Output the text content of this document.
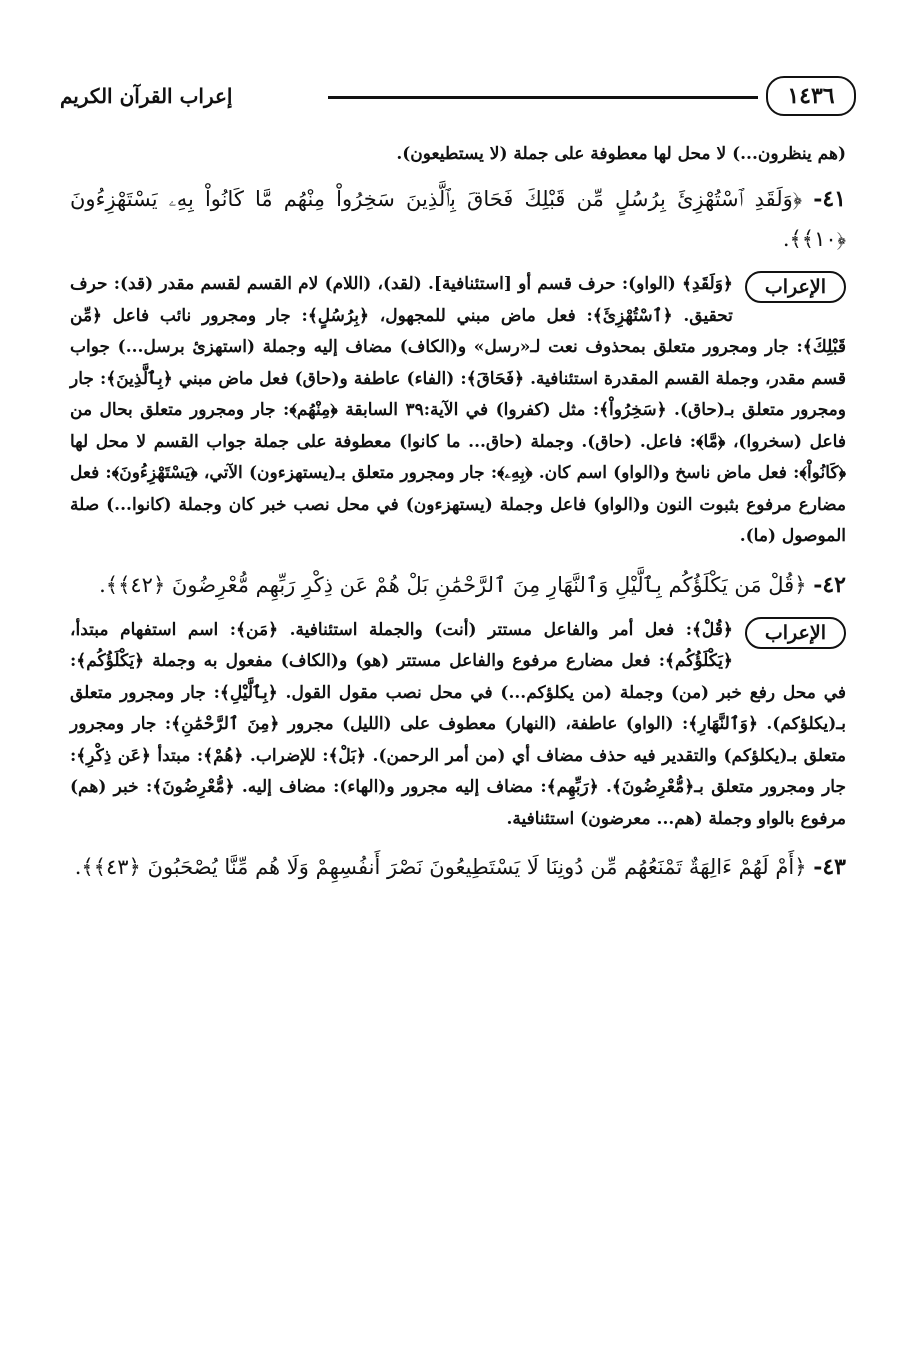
إعراب القرآن الكريم	١٤٣٦

(هم ينظرون...) لا محل لها معطوفة على جملة (لا يستطيعون).

٤١- ﴿وَلَقَدِ ٱسْتُهْزِئَ بِرُسُلٍ مِّن قَبْلِكَ فَحَاقَ بِٱلَّذِينَ سَخِرُواْ مِنْهُم مَّا كَانُواْ بِهِۦ يَسْتَهْزِءُونَ ﴿١٠﴾﴾.

الإعراب
﴿وَلَقَدِ﴾ (الواو): حرف قسم أو [استئنافية]. (لقد)، (اللام) لام القسم لقسم مقدر (قد): حرف تحقيق. ﴿ٱسْتُهْزِئَ﴾: فعل ماض مبني للمجهول، ﴿بِرُسُلٍ﴾: جار ومجرور نائب فاعل ﴿مِّن قَبْلِكَ﴾: جار ومجرور متعلق بمحذوف نعت لـ«رسل» و(الكاف) مضاف إليه وجملة (استهزئ برسل...) جواب قسم مقدر، وجملة القسم المقدرة استئنافية. ﴿فَحَاقَ﴾: (الفاء) عاطفة و(حاق) فعل ماض مبني ﴿بِٱلَّذِينَ﴾: جار ومجرور متعلق بـ(حاق). ﴿سَخِرُواْ﴾: مثل (كفروا) في الآية:٣٩ السابقة ﴿مِنْهُم﴾: جار ومجرور متعلق بحال من فاعل (سخروا)، ﴿مَّا﴾: فاعل. (حاق). وجملة (حاق... ما كانوا) معطوفة على جملة جواب القسم لا محل لها ﴿كَانُواْ﴾: فعل ماض ناسخ و(الواو) اسم كان. ﴿بِهِۦ﴾: جار ومجرور متعلق بـ(يستهزءون) الآتي، ﴿يَسْتَهْزِءُونَ﴾: فعل مضارع مرفوع بثبوت النون و(الواو) فاعل وجملة (يستهزءون) في محل نصب خبر كان وجملة (كانوا...) صلة الموصول (ما).

٤٢- ﴿قُلْ مَن يَكْلَؤُكُم بِٱلَّيْلِ وَٱلنَّهَارِ مِنَ ٱلرَّحْمَٰنِ بَلْ هُمْ عَن ذِكْرِ رَبِّهِم مُّعْرِضُونَ ﴿٤٢﴾﴾.

الإعراب
﴿قُلْ﴾: فعل أمر والفاعل مستتر (أنت) والجملة استئنافية. ﴿مَن﴾: اسم استفهام مبتدأ، ﴿يَكْلَؤُكُم﴾: فعل مضارع مرفوع والفاعل مستتر (هو) و(الكاف) مفعول به وجملة ﴿يَكْلَؤُكُم﴾: في محل رفع خبر (من) وجملة (من يكلؤكم...) في محل نصب مقول القول. ﴿بِٱلَّيْلِ﴾: جار ومجرور متعلق بـ(يكلؤكم). ﴿وَٱلنَّهَارِ﴾: (الواو) عاطفة، (النهار) معطوف على (الليل) مجرور ﴿مِنَ ٱلرَّحْمَٰنِ﴾: جار ومجرور متعلق بـ(يكلؤكم) والتقدير فيه حذف مضاف أي (من أمر الرحمن). ﴿بَلْ﴾: للإضراب. ﴿هُمْ﴾: مبتدأ ﴿عَن ذِكْرِ﴾: جار ومجرور متعلق بـ﴿مُّعْرِضُونَ﴾. ﴿رَبِّهِم﴾: مضاف إليه مجرور و(الهاء): مضاف إليه. ﴿مُّعْرِضُونَ﴾: خبر (هم) مرفوع بالواو وجملة (هم... معرضون) استئنافية.

٤٣- ﴿أَمْ لَهُمْ ءَالِهَةٌ تَمْنَعُهُم مِّن دُونِنَا لَا يَسْتَطِيعُونَ نَصْرَ أَنفُسِهِمْ وَلَا هُم مِّنَّا يُصْحَبُونَ ﴿٤٣﴾﴾.
